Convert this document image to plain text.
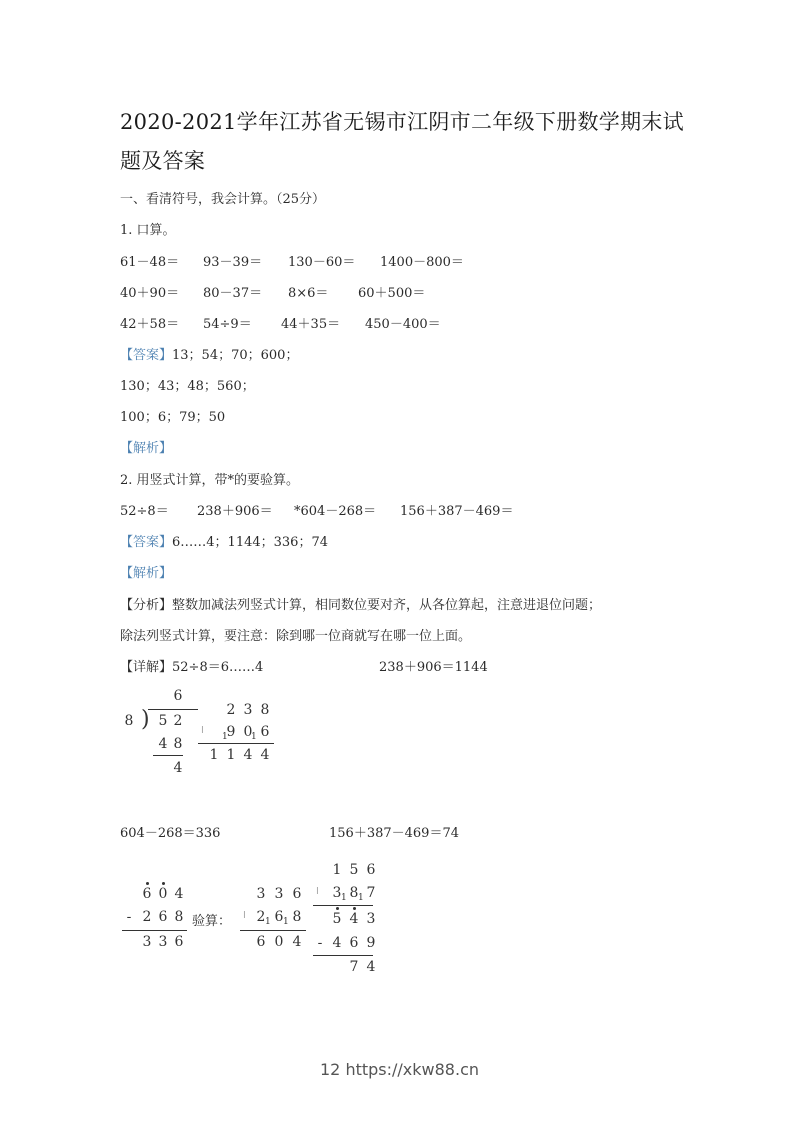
2020-2021学年江苏省无锡市江阴市二年级下册数学期末试
题及答案
一、看清符号，我会计算。（25分）
1. 口算。
61－48＝ 93－39＝ 130－60＝ 1400－800＝
40＋90＝ 80－37＝ 8×6＝ 60＋500＝
42＋58＝ 54÷9＝ 44＋35＝ 450－400＝
【答案】13；54；70；600；
130；43；48；560；
100；6；79；50
【解析】
2. 用竖式计算，带*的要验算。
52÷8＝ 238＋906＝ *604－268＝ 156＋387－469＝
【答案】6……4；1144；336；74
【解析】
【分析】整数加减法列竖式计算，相同数位要对齐，从各位算起，注意进退位问题；
除法列竖式计算，要注意：除到哪一位商就写在哪一位上面。
【详解】52÷8＝6……4	238＋906＝1144
6
8 ) 5 2
4 8
4
2 3 8
ǀ
1
9 0
1 6
1 1 4 4
604－268＝336	156＋387－469＝74
6 0 4
- 2 6 8
3 3 6
验算：
3 3 6
ǀ 2 1 6 1 8
6 0 4
1 5 6
ǀ 3 1 8 1 7
5 4 3
- 4 6 9
7 4
12 https://xkw88.cn
